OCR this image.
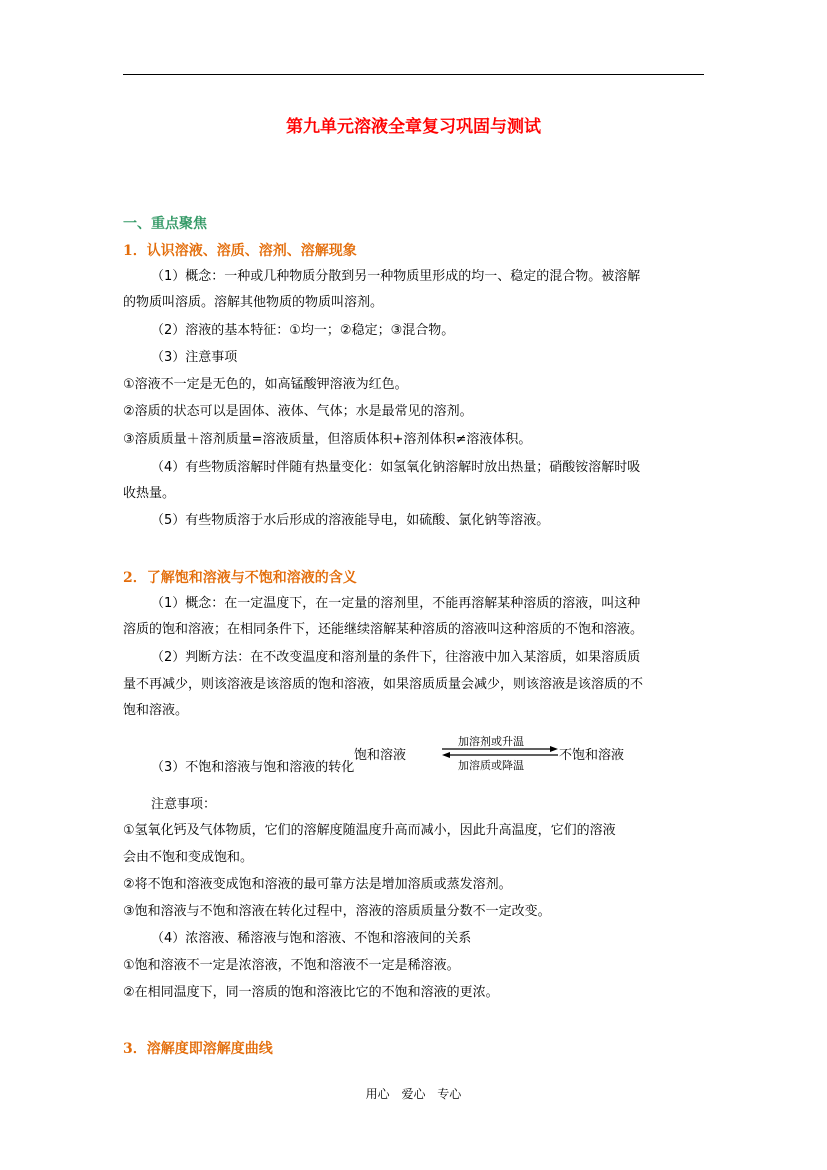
第九单元溶液全章复习巩固与测试
一、重点聚焦
1．认识溶液、溶质、溶剂、溶解现象
（1）概念：一种或几种物质分散到另一种物质里形成的均一、稳定的混合物。被溶解
的物质叫溶质。溶解其他物质的物质叫溶剂。
（2）溶液的基本特征：①均一；②稳定；③混合物。
（3）注意事项
①溶液不一定是无色的，如高锰酸钾溶液为红色。
②溶质的状态可以是固体、液体、气体；水是最常见的溶剂。
③溶质质量＋溶剂质量=溶液质量，但溶质体积+溶剂体积≠溶液体积。
（4）有些物质溶解时伴随有热量变化：如氢氧化钠溶解时放出热量；硝酸铵溶解时吸
收热量。
（5）有些物质溶于水后形成的溶液能导电，如硫酸、氯化钠等溶液。
2．了解饱和溶液与不饱和溶液的含义
（1）概念：在一定温度下，在一定量的溶剂里，不能再溶解某种溶质的溶液，叫这种
溶质的饱和溶液；在相同条件下，还能继续溶解某种溶质的溶液叫这种溶质的不饱和溶液。
（2）判断方法：在不改变温度和溶剂量的条件下，往溶液中加入某溶质，如果溶质质
量不再减少，则该溶液是该溶质的饱和溶液，如果溶质质量会减少，则该溶液是该溶质的不
饱和溶液。
（3）不饱和溶液与饱和溶液的转化
饱和溶液
加溶剂或升温
加溶质或降温
不饱和溶液
注意事项：
①氢氧化钙及气体物质，它们的溶解度随温度升高而减小，因此升高温度，它们的溶液
会由不饱和变成饱和。
②将不饱和溶液变成饱和溶液的最可靠方法是增加溶质或蒸发溶剂。
③饱和溶液与不饱和溶液在转化过程中，溶液的溶质质量分数不一定改变。
（4）浓溶液、稀溶液与饱和溶液、不饱和溶液间的关系
①饱和溶液不一定是浓溶液，不饱和溶液不一定是稀溶液。
②在相同温度下，同一溶质的饱和溶液比它的不饱和溶液的更浓。
3．溶解度即溶解度曲线
用心 爱心 专心
